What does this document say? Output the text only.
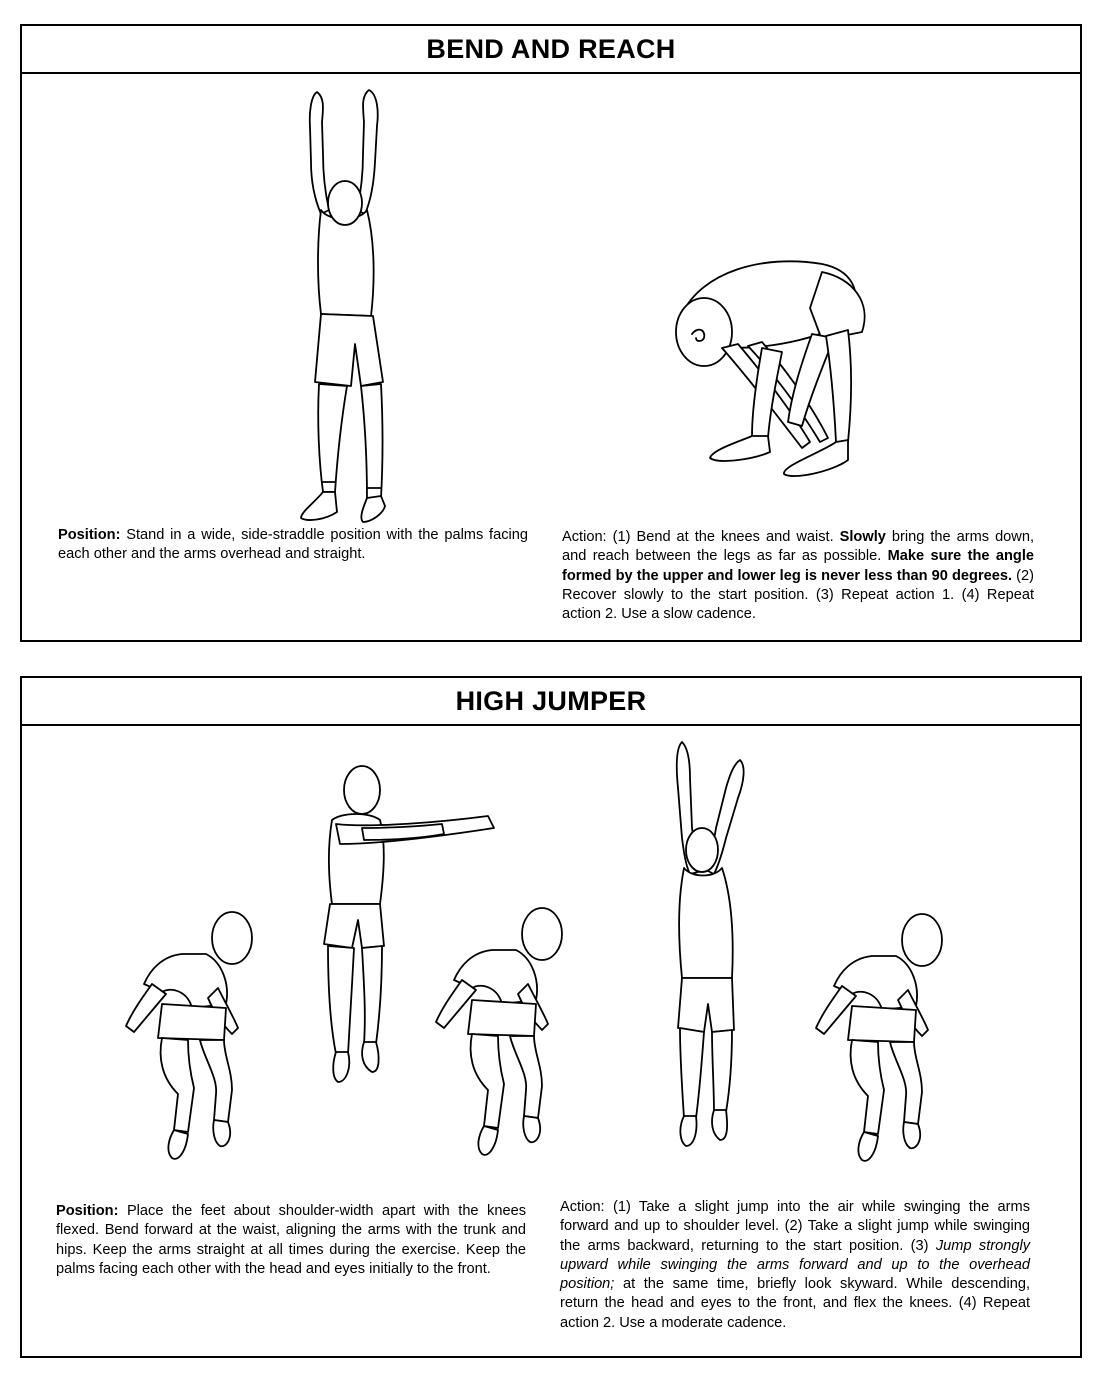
BEND AND REACH
Position: Stand in a wide, side-straddle position with the palms facing each other and the arms overhead and straight.
Action: (1) Bend at the knees and waist. Slowly bring the arms down, and reach between the legs as far as possible. Make sure the angle formed by the upper and lower leg is never less than 90 degrees. (2) Recover slowly to the start position. (3) Repeat action 1. (4) Repeat action 2. Use a slow cadence.
HIGH JUMPER
Position: Place the feet about shoulder-width apart with the knees flexed. Bend forward at the waist, aligning the arms with the trunk and hips. Keep the arms straight at all times during the exercise. Keep the palms facing each other with the head and eyes initially to the front.
Action: (1) Take a slight jump into the air while swinging the arms forward and up to shoulder level. (2) Take a slight jump while swinging the arms backward, returning to the start position. (3) Jump strongly upward while swinging the arms forward and up to the overhead position; at the same time, briefly look skyward. While descending, return the head and eyes to the front, and flex the knees. (4) Repeat action 2. Use a moderate cadence.
